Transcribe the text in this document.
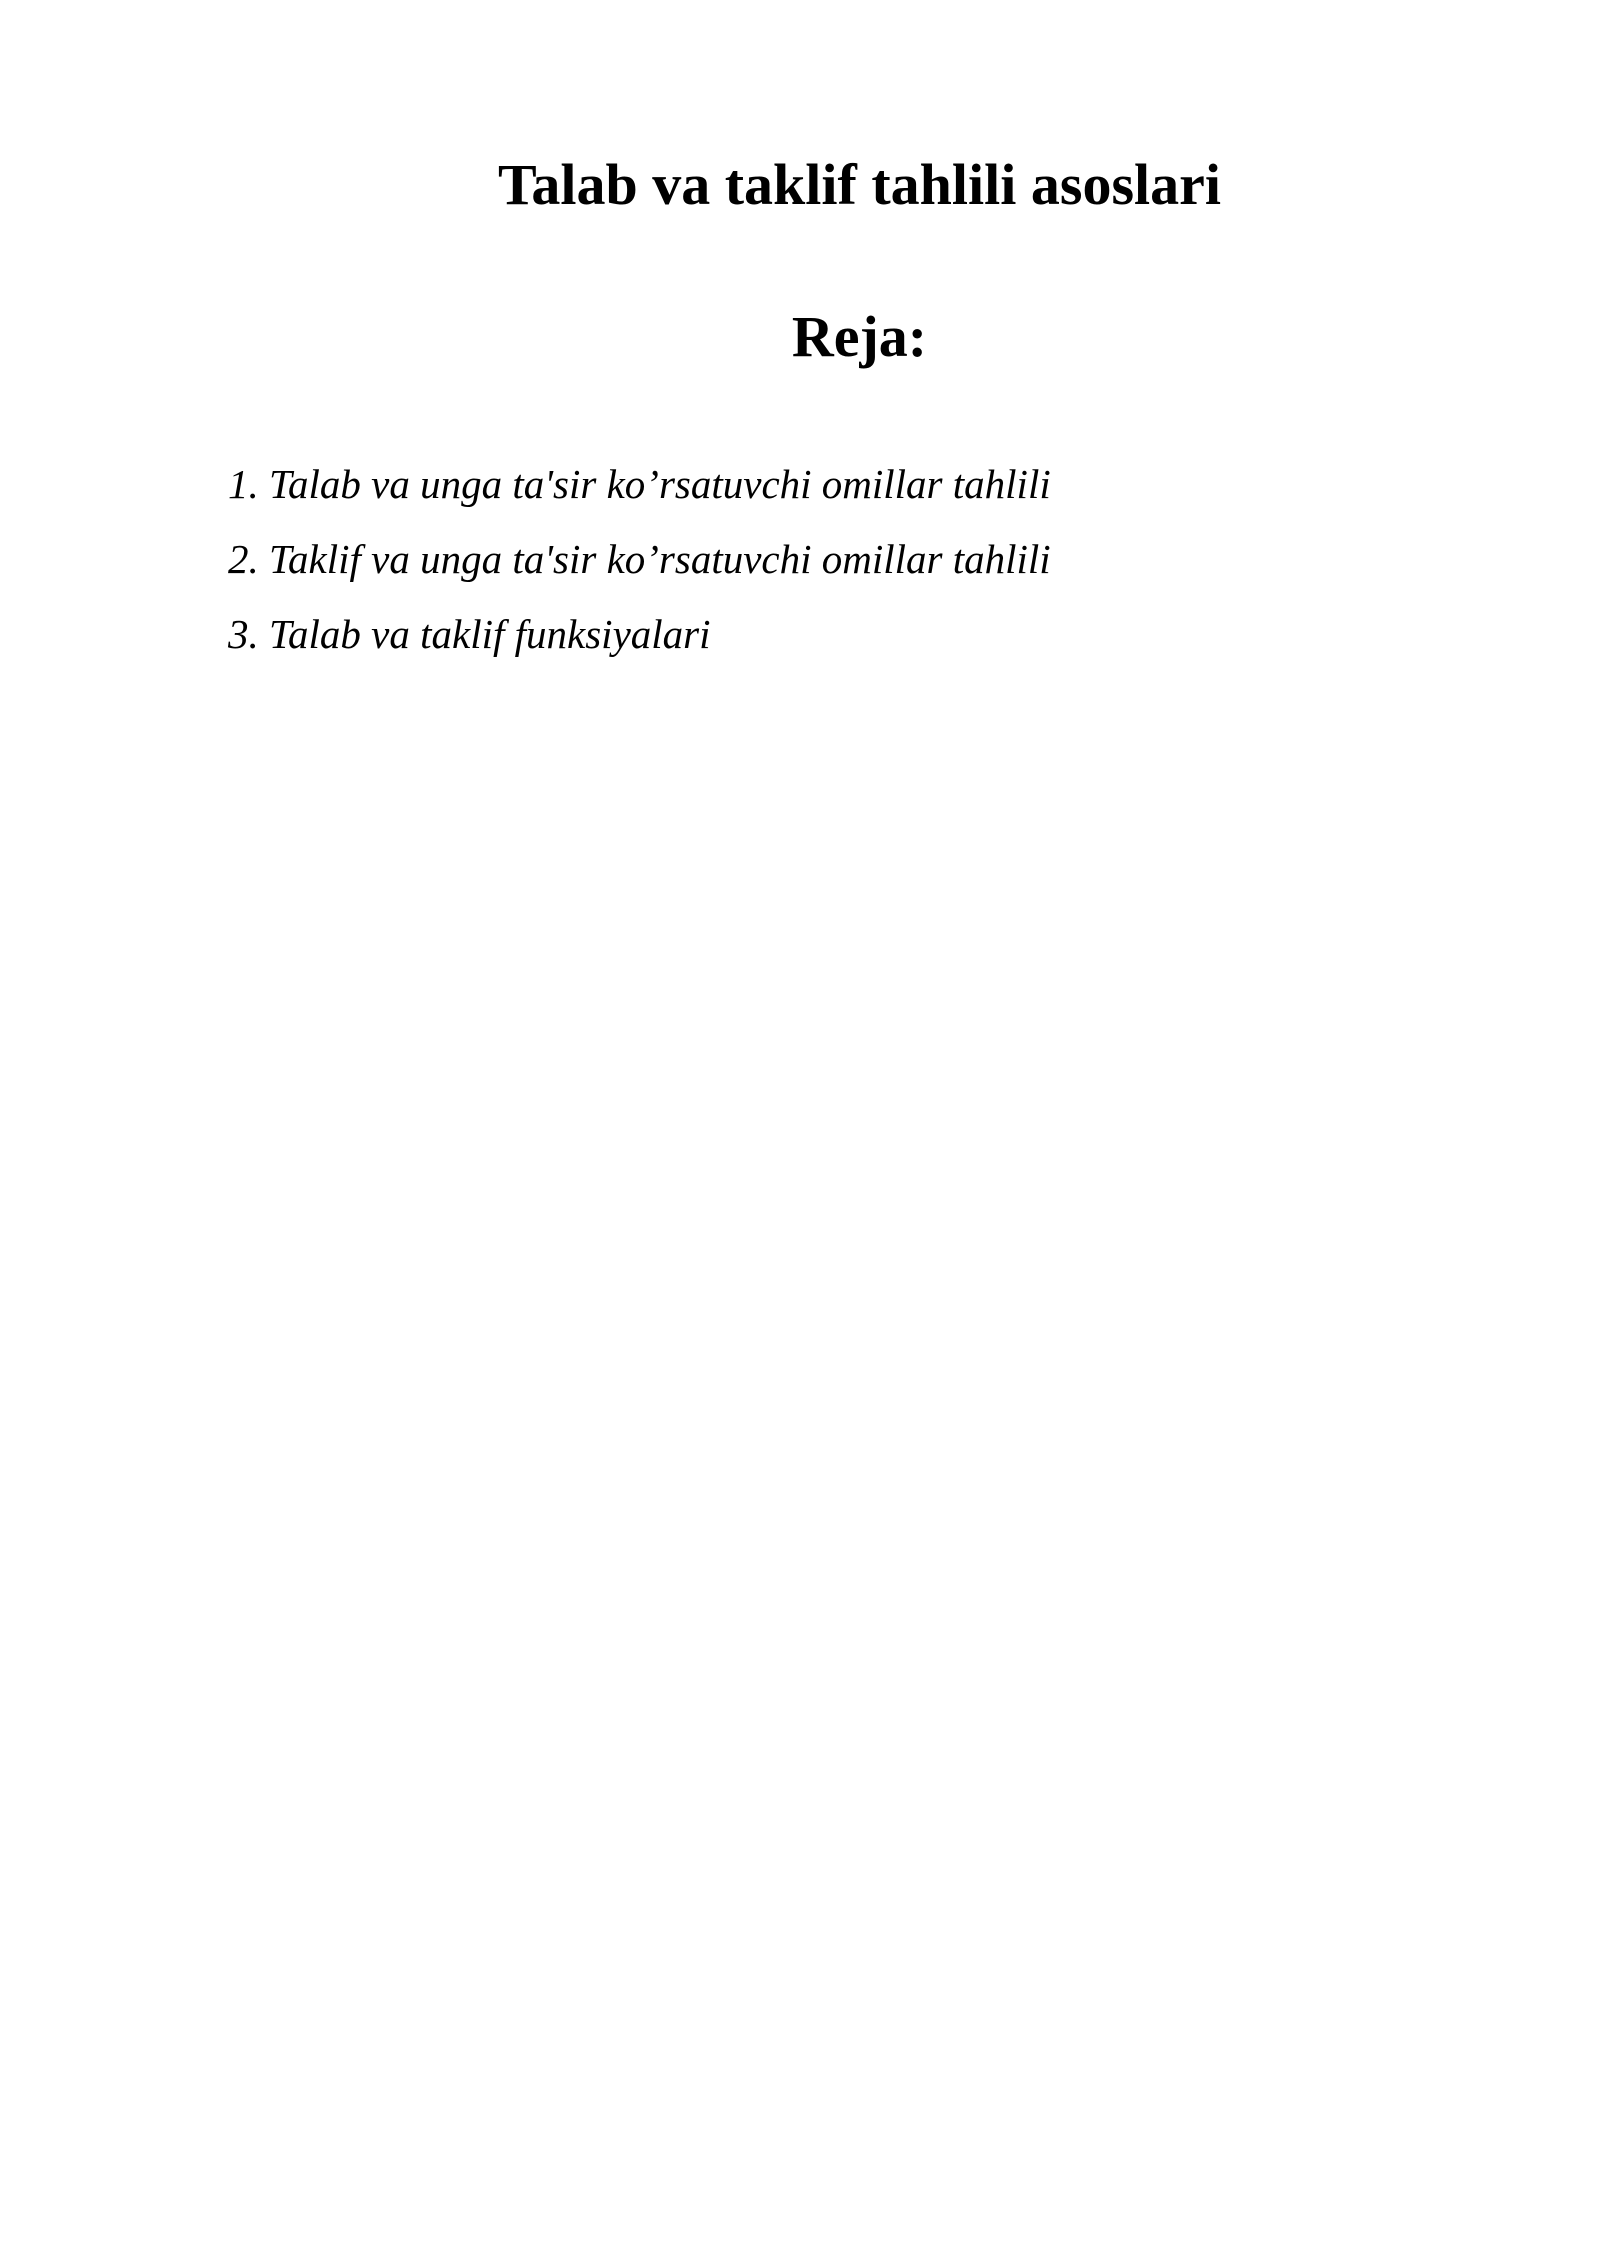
Talab va taklif tahlili asoslari
Reja:
1. Talab va unga ta'sir ko’rsatuvchi omillar tahlili
2. Taklif va unga ta'sir ko’rsatuvchi omillar tahlili
3. Talab va taklif funksiyalari
